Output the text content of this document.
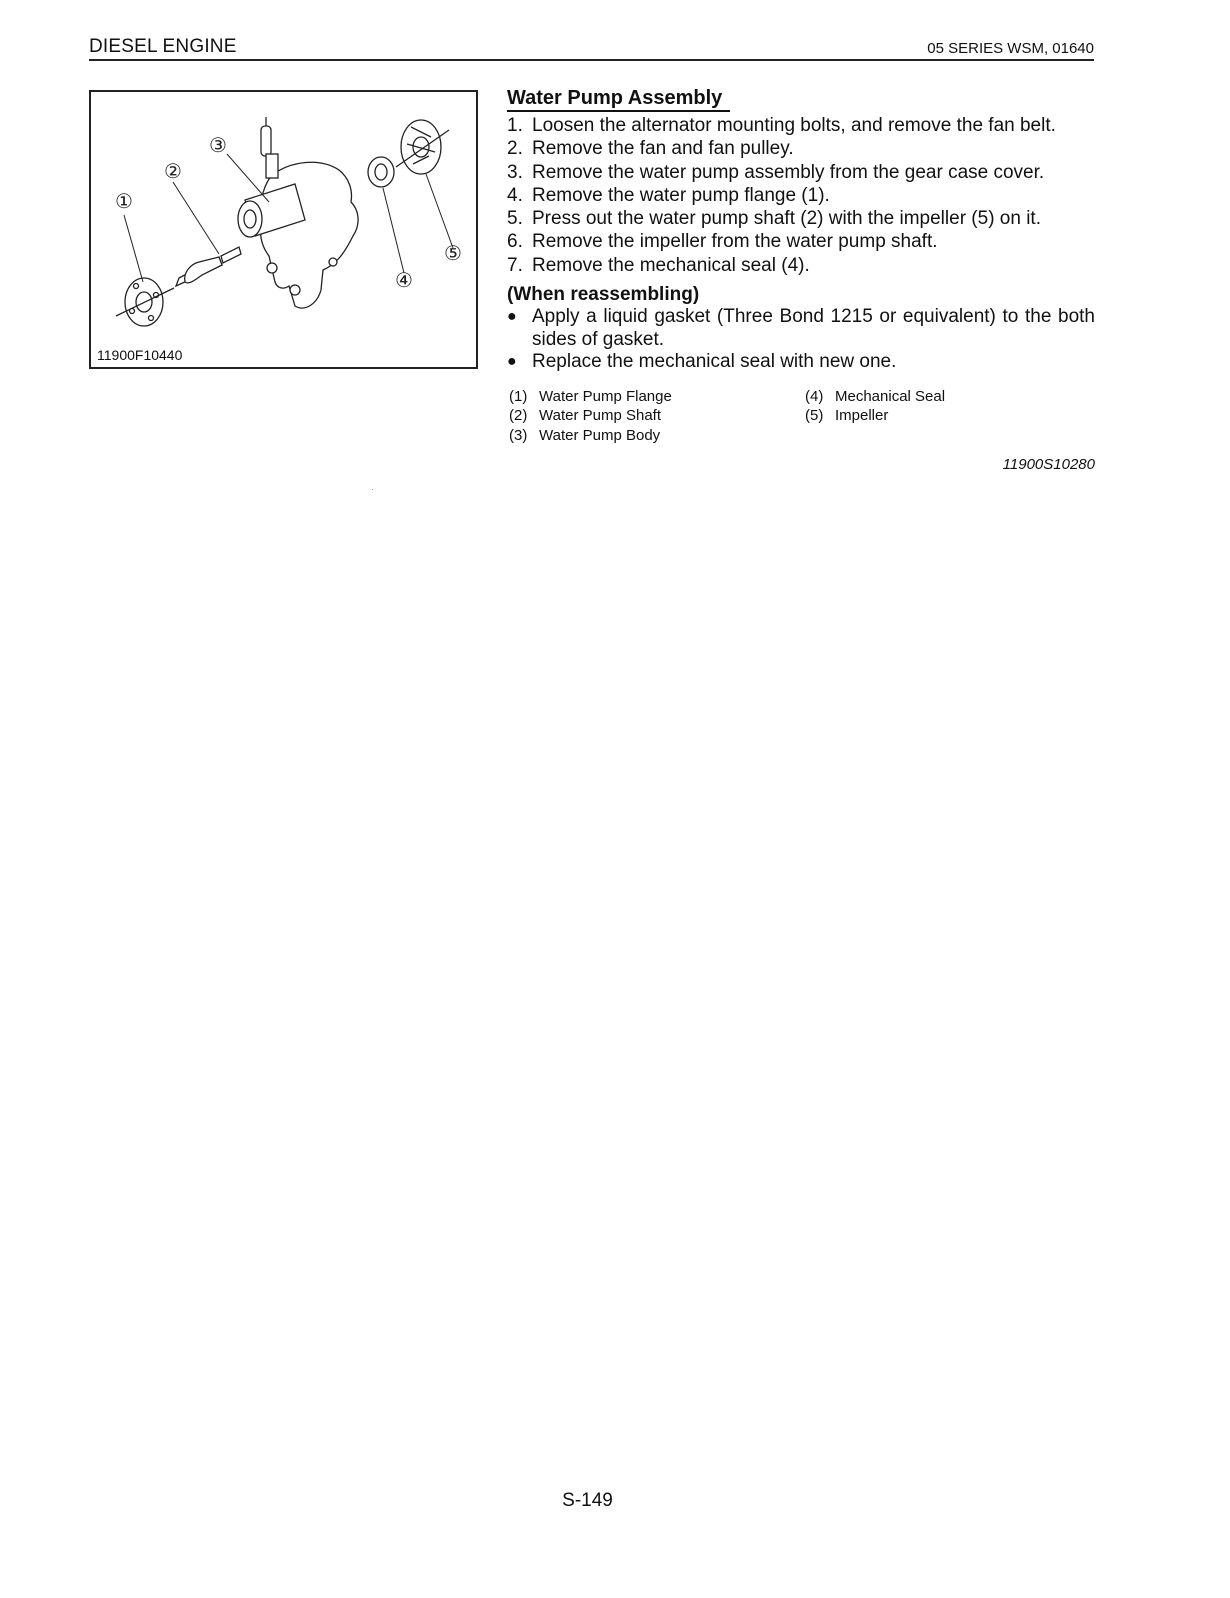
DIESEL ENGINE	05 SERIES WSM, 01640
①
②
③
④
⑤
11900F10440
Water Pump Assembly
1. Loosen the alternator mounting bolts, and remove the fan belt.
2. Remove the fan and fan pulley.
3. Remove the water pump assembly from the gear case cover.
4. Remove the water pump flange (1).
5. Press out the water pump shaft (2) with the impeller (5) on it.
6. Remove the impeller from the water pump shaft.
7. Remove the mechanical seal (4).
(When reassembling)
● Apply a liquid gasket (Three Bond 1215 or equivalent) to the both sides of gasket.
● Replace the mechanical seal with new one.
(1) Water Pump Flange
(2) Water Pump Shaft
(3) Water Pump Body
(4) Mechanical Seal
(5) Impeller
11900S10280
S-149
